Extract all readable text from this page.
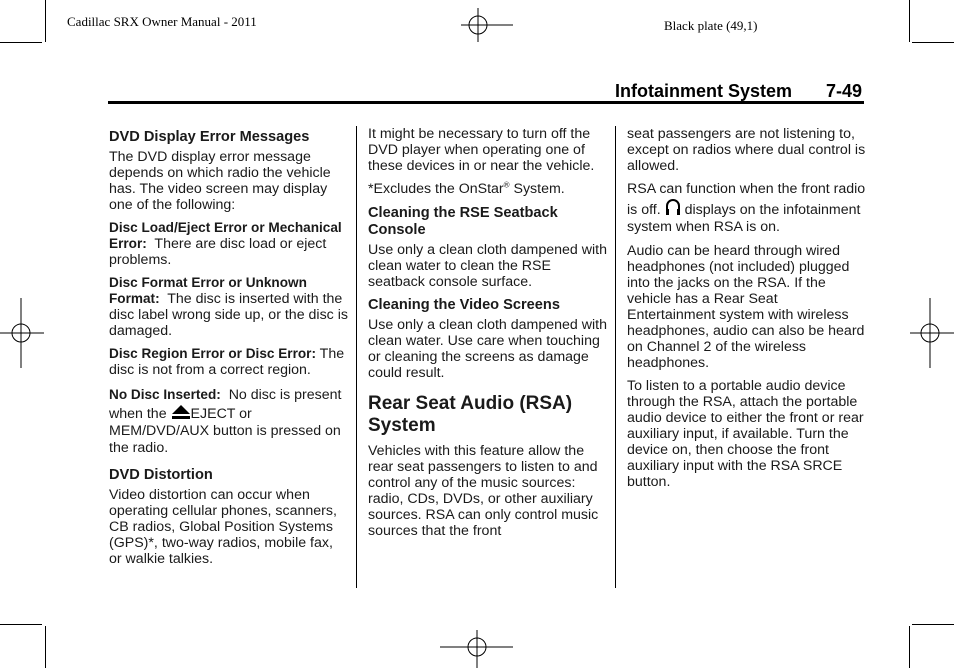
Cadillac SRX Owner Manual - 2011	Black plate (49,1)
Infotainment System 7-49
DVD Display Error Messages

The DVD display error message depends on which radio the vehicle has. The video screen may display one of the following:

Disc Load/Eject Error or Mechanical Error: There are disc load or eject problems.

Disc Format Error or Unknown Format: The disc is inserted with the disc label wrong side up, or the disc is damaged.

Disc Region Error or Disc Error: The disc is not from a correct region.

No Disc Inserted: No disc is present when the EJECT or MEM/DVD/AUX button is pressed on the radio.

DVD Distortion

Video distortion can occur when operating cellular phones, scanners, CB radios, Global Position Systems (GPS)*, two-way radios, mobile fax, or walkie talkies.

It might be necessary to turn off the DVD player when operating one of these devices in or near the vehicle.

*Excludes the OnStar® System.

Cleaning the RSE Seatback Console

Use only a clean cloth dampened with clean water to clean the RSE seatback console surface.

Cleaning the Video Screens

Use only a clean cloth dampened with clean water. Use care when touching or cleaning the screens as damage could result.

Rear Seat Audio (RSA) System

Vehicles with this feature allow the rear seat passengers to listen to and control any of the music sources: radio, CDs, DVDs, or other auxiliary sources. RSA can only control music sources that the front

seat passengers are not listening to, except on radios where dual control is allowed.

RSA can function when the front radio is off. displays on the infotainment system when RSA is on.

Audio can be heard through wired headphones (not included) plugged into the jacks on the RSA. If the vehicle has a Rear Seat Entertainment system with wireless headphones, audio can also be heard on Channel 2 of the wireless headphones.

To listen to a portable audio device through the RSA, attach the portable audio device to either the front or rear auxiliary input, if available. Turn the device on, then choose the front auxiliary input with the RSA SRCE button.
